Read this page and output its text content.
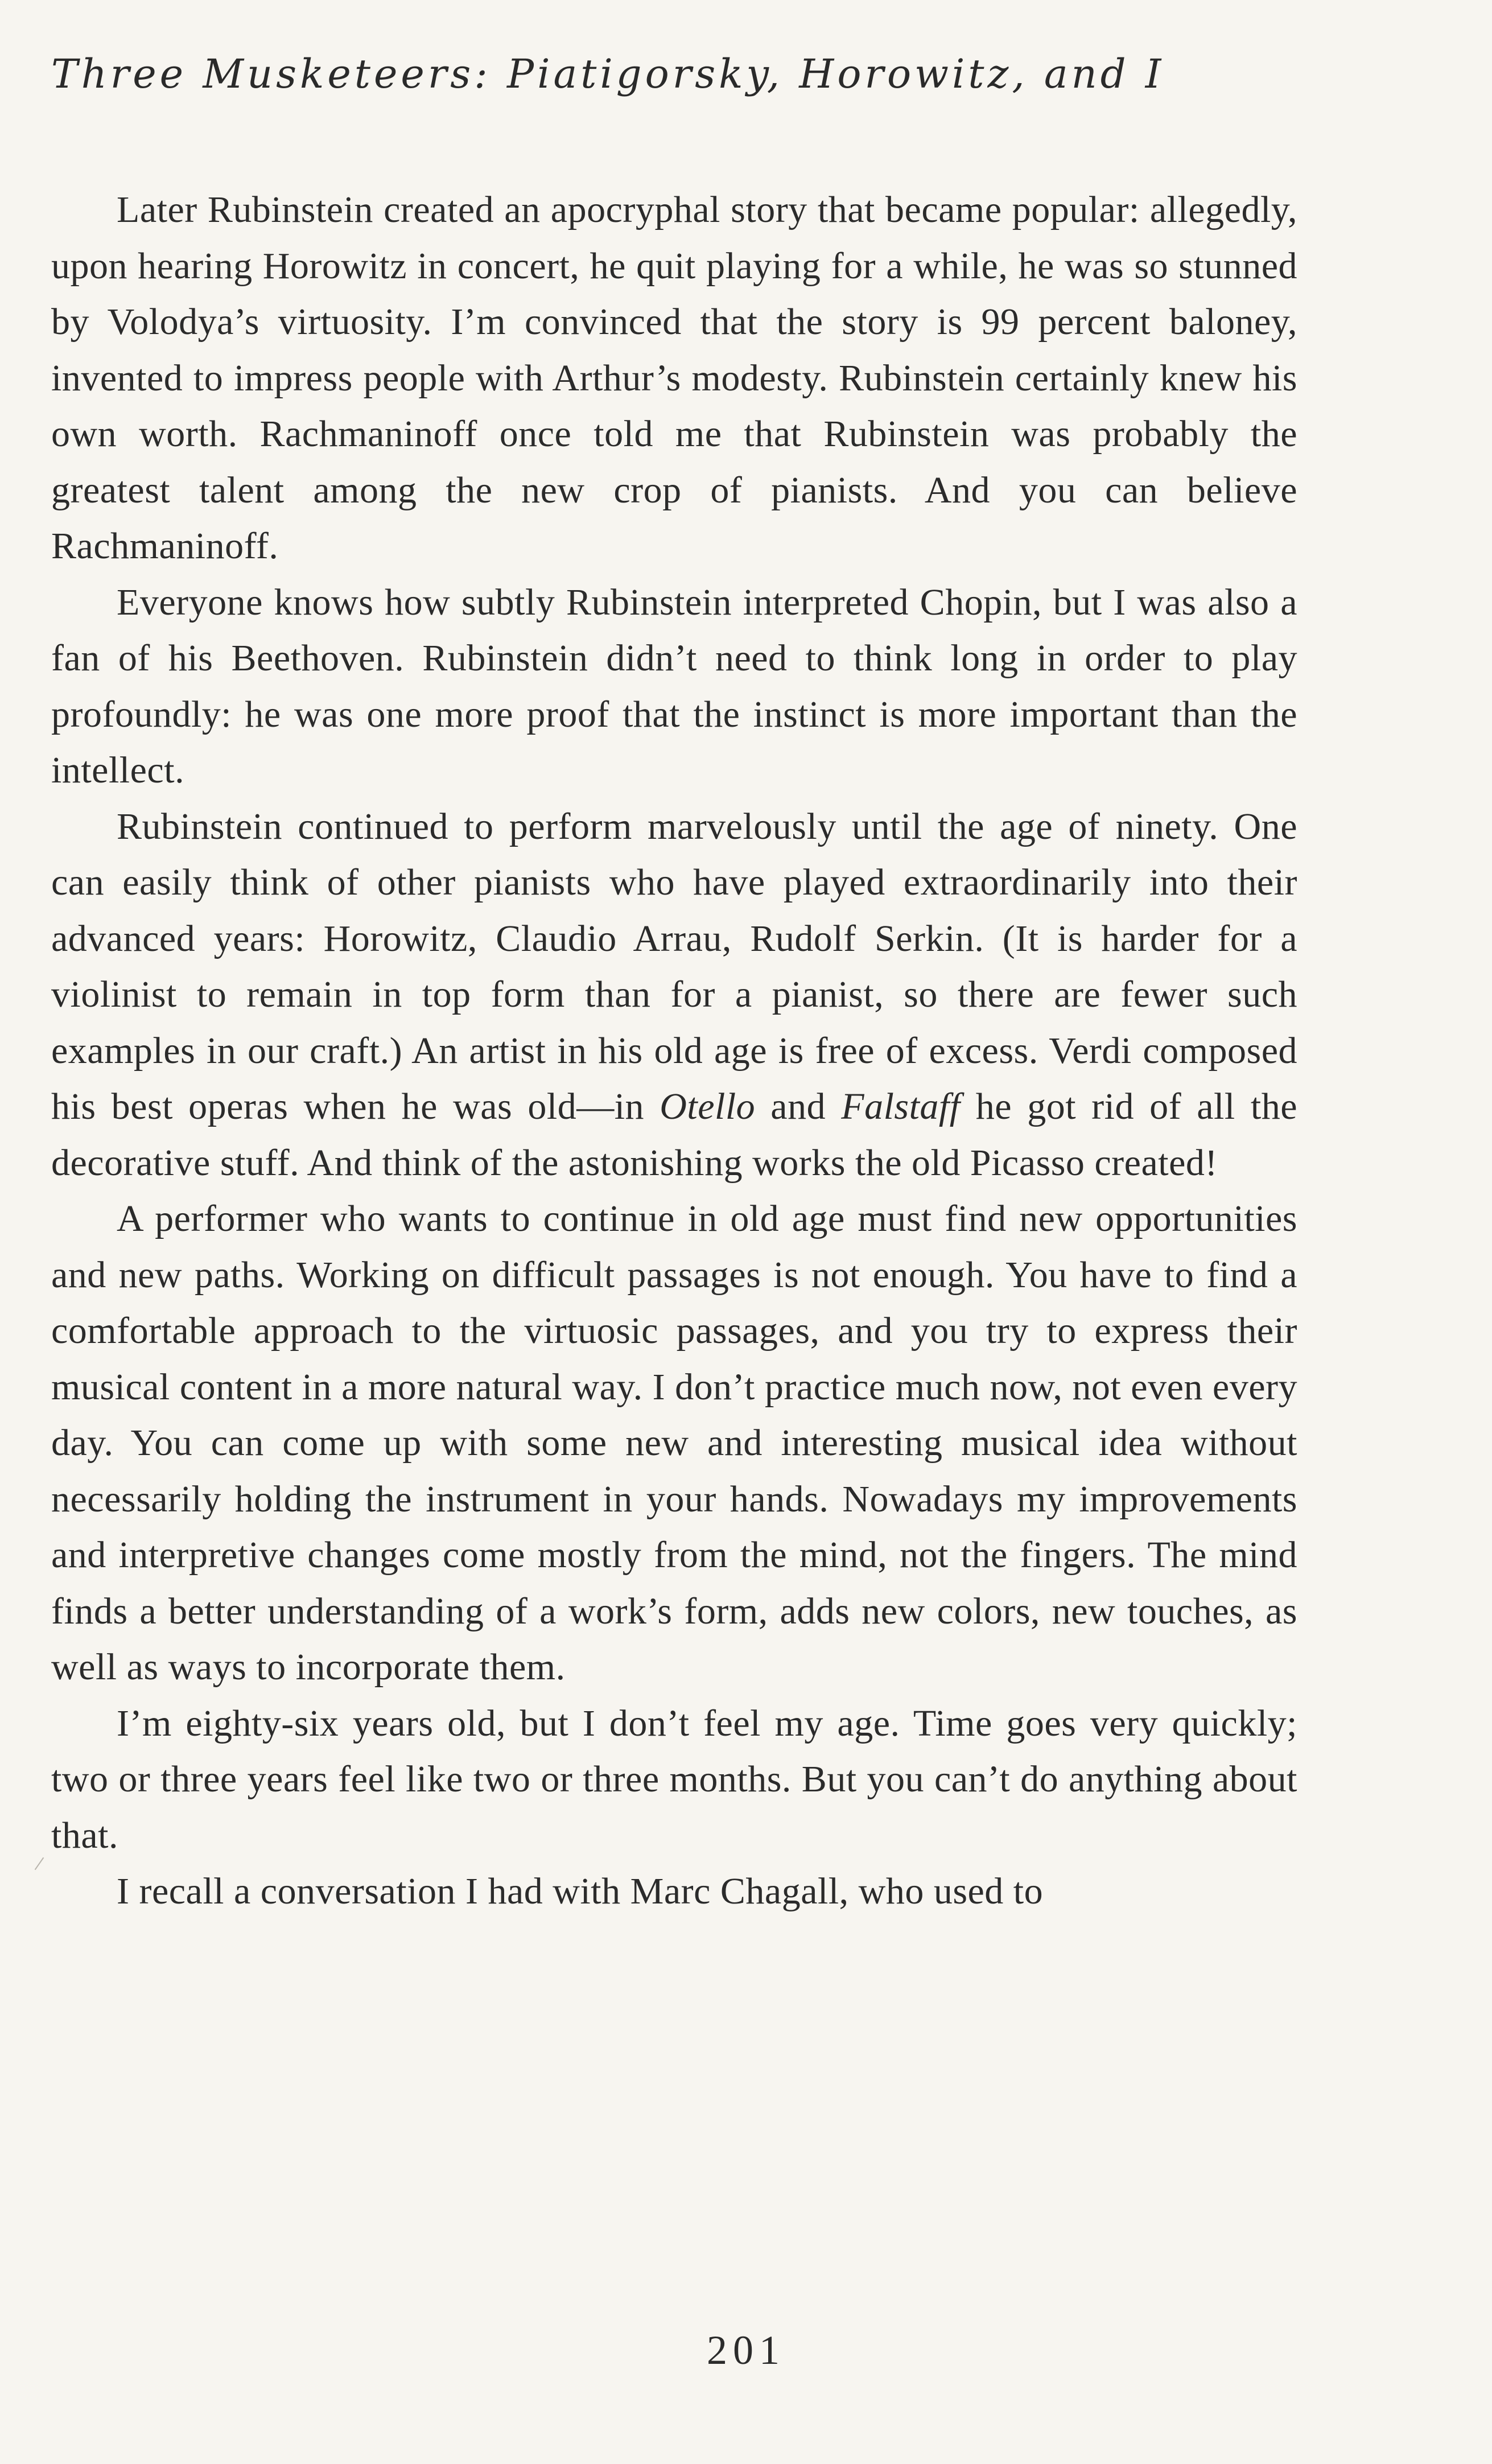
Three Musketeers: Piatigorsky, Horowitz, and I

Later Rubinstein created an apocryphal story that became popular: allegedly, upon hearing Horowitz in concert, he quit playing for a while, he was so stunned by Volodya’s virtuosity. I’m convinced that the story is 99 percent baloney, invented to impress people with Arthur’s modesty. Rubinstein certainly knew his own worth. Rachmaninoff once told me that Rubinstein was probably the greatest talent among the new crop of pianists. And you can believe Rachmaninoff.

Everyone knows how subtly Rubinstein interpreted Chopin, but I was also a fan of his Beethoven. Rubinstein didn’t need to think long in order to play profoundly: he was one more proof that the instinct is more important than the intellect.

Rubinstein continued to perform marvelously until the age of ninety. One can easily think of other pianists who have played extraordinarily into their advanced years: Horowitz, Claudio Arrau, Rudolf Serkin. (It is harder for a violinist to remain in top form than for a pianist, so there are fewer such examples in our craft.) An artist in his old age is free of excess. Verdi composed his best operas when he was old—in Otello and Falstaff he got rid of all the decorative stuff. And think of the astonishing works the old Picasso created!

A performer who wants to continue in old age must find new opportunities and new paths. Working on difficult passages is not enough. You have to find a comfortable approach to the virtuosic passages, and you try to express their musical content in a more natural way. I don’t practice much now, not even every day. You can come up with some new and interesting musical idea without necessarily holding the instrument in your hands. Nowadays my improvements and interpretive changes come mostly from the mind, not the fingers. The mind finds a better understanding of a work’s form, adds new colors, new touches, as well as ways to incorporate them.

I’m eighty-six years old, but I don’t feel my age. Time goes very quickly; two or three years feel like two or three months. But you can’t do anything about that.

I recall a conversation I had with Marc Chagall, who used to

201
